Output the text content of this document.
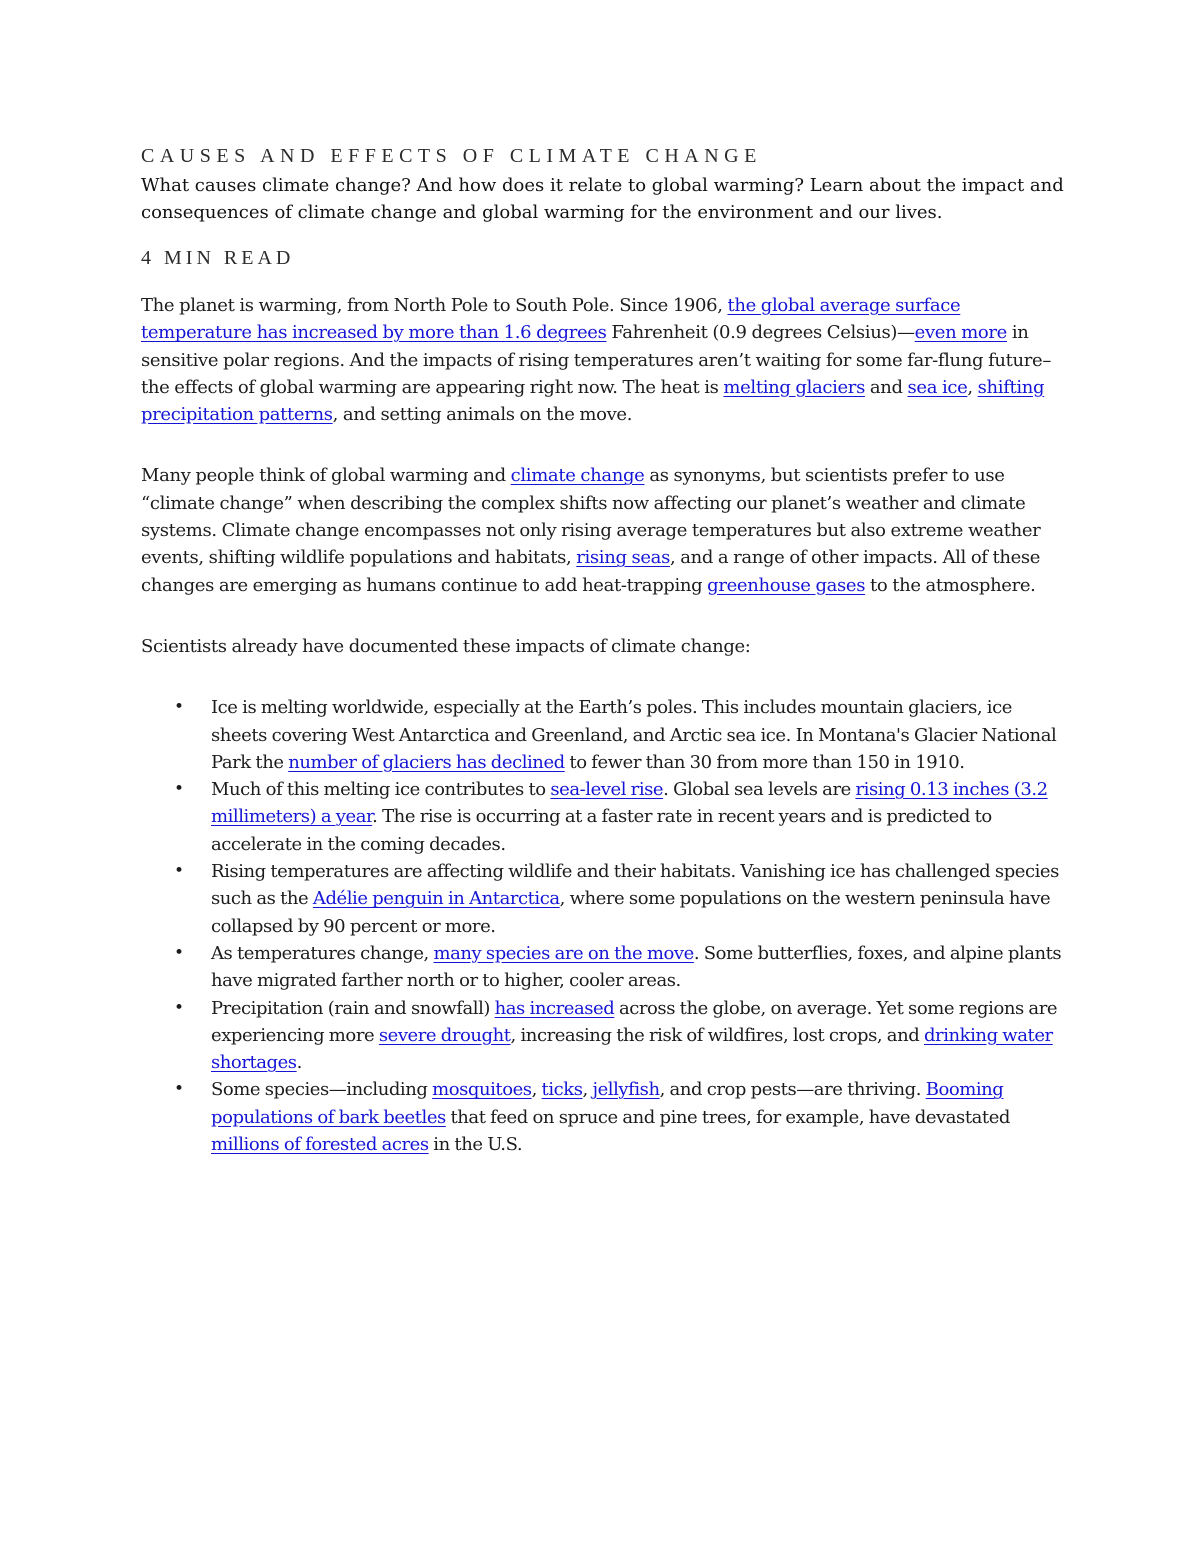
CAUSES AND EFFECTS OF CLIMATE CHANGE

What causes climate change? And how does it relate to global warming? Learn about the impact and consequences of climate change and global warming for the environment and our lives.

4 MIN READ

The planet is warming, from North Pole to South Pole. Since 1906, the global average surface temperature has increased by more than 1.6 degrees Fahrenheit (0.9 degrees Celsius)—even more in sensitive polar regions. And the impacts of rising temperatures aren’t waiting for some far-flung future–the effects of global warming are appearing right now. The heat is melting glaciers and sea ice, shifting precipitation patterns, and setting animals on the move.

Many people think of global warming and climate change as synonyms, but scientists prefer to use “climate change” when describing the complex shifts now affecting our planet’s weather and climate systems. Climate change encompasses not only rising average temperatures but also extreme weather events, shifting wildlife populations and habitats, rising seas, and a range of other impacts. All of these changes are emerging as humans continue to add heat-trapping greenhouse gases to the atmosphere.

Scientists already have documented these impacts of climate change:

• Ice is melting worldwide, especially at the Earth’s poles. This includes mountain glaciers, ice sheets covering West Antarctica and Greenland, and Arctic sea ice. In Montana's Glacier National Park the number of glaciers has declined to fewer than 30 from more than 150 in 1910.
• Much of this melting ice contributes to sea-level rise. Global sea levels are rising 0.13 inches (3.2 millimeters) a year. The rise is occurring at a faster rate in recent years and is predicted to accelerate in the coming decades.
• Rising temperatures are affecting wildlife and their habitats. Vanishing ice has challenged species such as the Adélie penguin in Antarctica, where some populations on the western peninsula have collapsed by 90 percent or more.
• As temperatures change, many species are on the move. Some butterflies, foxes, and alpine plants have migrated farther north or to higher, cooler areas.
• Precipitation (rain and snowfall) has increased across the globe, on average. Yet some regions are experiencing more severe drought, increasing the risk of wildfires, lost crops, and drinking water shortages.
• Some species—including mosquitoes, ticks, jellyfish, and crop pests—are thriving. Booming populations of bark beetles that feed on spruce and pine trees, for example, have devastated millions of forested acres in the U.S.
